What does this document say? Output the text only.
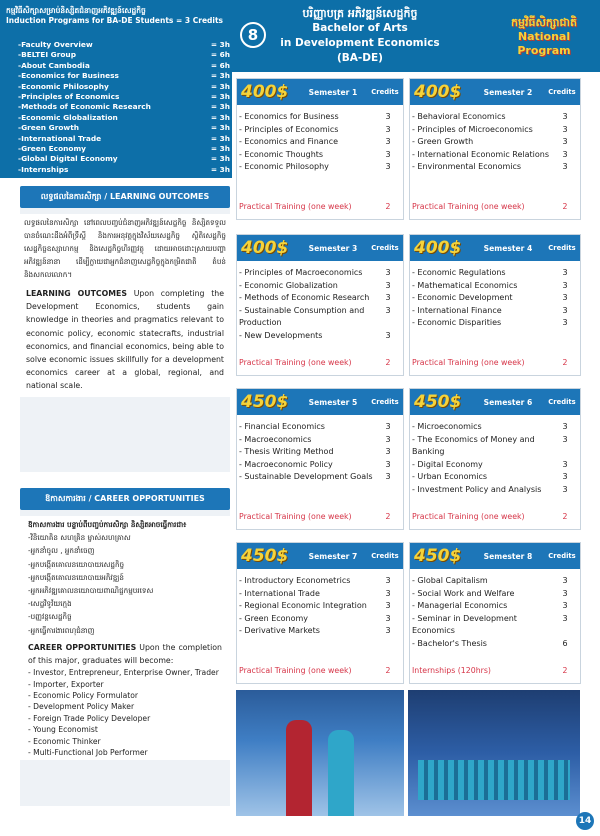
កម្មវិធីសិក្សាសម្រាប់និស្សិតជំនាញអភិវឌ្ឍន៍សេដ្ឋកិច្ច
Induction Programs for BA-DE Students = 3 Credits
8
បរិញ្ញាបត្រ អភិវឌ្ឍន៍សេដ្ឋកិច្ច
Bachelor of Arts
in Development Economics (BA-DE)
កម្មវិធីសិក្សាជាតិ
National Program
-Faculty Overview	= 3h
-BELTEI Group	= 6h
-About Cambodia	= 6h
-Economics for Business	= 3h
-Economic Philosophy	= 3h
-Principles of Economics	= 3h
-Methods of Economic Research	= 3h
-Economic Globalization	= 3h
-Green Growth	= 3h
-International Trade	= 3h
-Green Economy	= 3h
-Global Digital Economy	= 3h
-Internships	= 3h
លទ្ធផលនៃការសិក្សា / LEARNING OUTCOMES
លទ្ធផលនៃការសិក្សា នៅពេលបញ្ចប់ជំនាញអភិវឌ្ឍន៍សេដ្ឋកិច្ច និស្សិតទទួលបានចំណេះដឹងអំពីទ្រឹស្ដី និងការអនុវត្តក្នុងវិស័យសេដ្ឋកិច្ច ស្ថិតិសេដ្ឋកិច្ច សេដ្ឋកិច្ចឧស្សាហកម្ម និងសេដ្ឋកិច្ចហិរញ្ញវត្ថុ ដោយអាចដោះស្រាយបញ្ហាអភិវឌ្ឍន៍នានា ដើម្បីក្លាយជាអ្នកជំនាញសេដ្ឋកិច្ចក្នុងកម្រិតជាតិ តំបន់ និងសកលលោក។
LEARNING OUTCOMES Upon completing the Development Economics, students gain knowledge in theories and pragmatics relevant to economic policy, economic statecrafts, industrial economics, and financial economics, being able to solve economic issues skillfully for a development economics career at a global, regional, and national scale.
ឱកាសការងារ / CAREER OPPORTUNITIES
ឱកាសការងារ បន្ទាប់ពីបញ្ចប់ការសិក្សា និស្សិតអាចធ្វើការជា៖
-វិនិយោគិន សហគ្រិន ម្ចាស់សហគ្រាស
-អ្នកនាំចូល , អ្នកនាំចេញ
-អ្នកបង្កើតគោលនយោបាយសេដ្ឋកិច្ច
-អ្នកបង្កើតគោលនយោបាយអភិវឌ្ឍន៍
-អ្នកអភិវឌ្ឍគោលនយោបាយពាណិជ្ជកម្មបរទេស
-សេដ្ឋវិទូវ័យក្មេង
-បញ្ញវន្តសេដ្ឋកិច្ច
-អ្នកធ្វើការងារពហុជំនាញ
CAREER OPPORTUNITIES Upon the completion of this major, graduates will become:
- Investor, Entrepreneur, Enterprise Owner, Trader
- Importer, Exporter
- Economic Policy Formulator
- Development Policy Maker
- Foreign Trade Policy Developer
- Young Economist
- Economic Thinker
- Multi-Functional Job Performer
400$	Semester 1	Credits
- Economics for Business	3
- Principles of Economics	3
- Economics and Finance	3
- Economic Thoughts	3
- Economic Philosophy	3
Practical Training (one week)	2
400$	Semester 2	Credits
- Behavioral Economics	3
- Principles of Microeconomics	3
- Green Growth	3
- International Economic Relations	3
- Environmental Economics	3
Practical Training (one week)	2
400$	Semester 3	Credits
- Principles of Macroeconomics	3
- Economic Globalization	3
- Methods of Economic Research	3
- Sustainable Consumption and Production
3
- New Developments	3
Practical Training (one week)	2
400$	Semester 4	Credits
- Economic Regulations	3
- Mathematical Economics	3
- Economic Development	3
- International Finance	3
- Economic Disparities	3
Practical Training (one week)	2
450$	Semester 5	Credits
- Financial Economics	3
- Macroeconomics	3
- Thesis Writing Method	3
- Macroeconomic Policy	3
- Sustainable Development Goals	3
Practical Training (one week)	2
450$	Semester 6	Credits
- Microeconomics	3
- The Economics of Money and Banking
3
- Digital Economy	3
- Urban Economics	3
- Investment Policy and Analysis	3
Practical Training (one week)	2
450$	Semester 7	Credits
- Introductory Econometrics	3
- International Trade	3
- Regional Economic Integration	3
- Green Economy	3
- Derivative Markets	3
Practical Training (one week)	2
450$	Semester 8	Credits
- Global Capitalism	3
- Social Work and Welfare	3
- Managerial Economics	3
- Seminar in Development Economics
3
- Bachelor's Thesis	6
Internships (120hrs)	2
14
